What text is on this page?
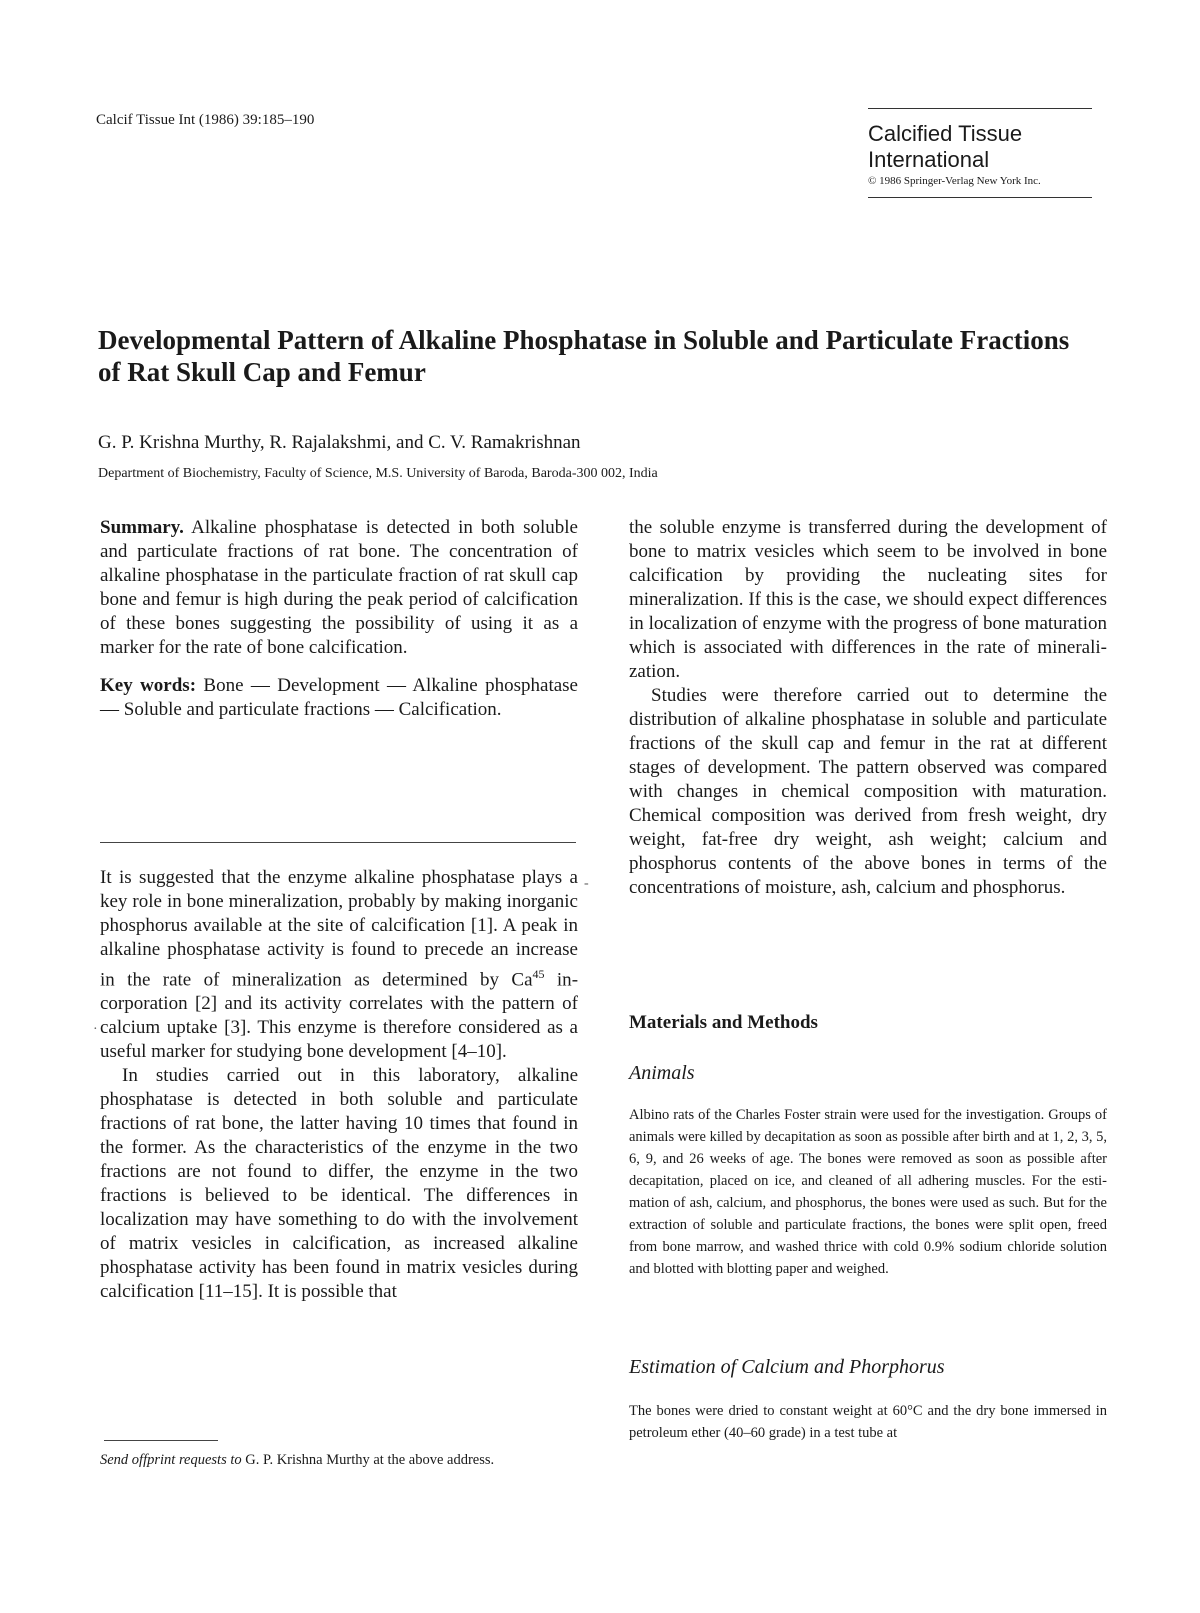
Calcif Tissue Int (1986) 39:185–190
Calcified Tissue
International
© 1986 Springer-Verlag New York Inc.
Developmental Pattern of Alkaline Phosphatase in Soluble and Particulate Fractions of Rat Skull Cap and Femur
G. P. Krishna Murthy, R. Rajalakshmi, and C. V. Ramakrishnan
Department of Biochemistry, Faculty of Science, M.S. University of Baroda, Baroda-300 002, India

Summary. Alkaline phosphatase is detected in both soluble and particulate fractions of rat bone. The concentration of alkaline phosphatase in the particulate fraction of rat skull cap bone and femur is high during the peak period of calcification of these bones suggesting the possibility of using it as a marker for the rate of bone calcification.

Key words: Bone — Development — Alkaline phosphatase — Soluble and particulate fractions — Calcification.

It is suggested that the enzyme alkaline phosphatase plays a key role in bone mineralization, probably by making inorganic phosphorus available at the site of calcification [1]. A peak in alkaline phosphatase activity is found to precede an increase in the rate of mineralization as determined by Ca$^{45}$ incorporation [2] and its activity correlates with the pattern of calcium uptake [3]. This enzyme is therefore considered as a useful marker for studying bone development [4–10].

In studies carried out in this laboratory, alkaline phosphatase is detected in both soluble and particulate fractions of rat bone, the latter having 10 times that found in the former. As the characteristics of the enzyme in the two fractions are not found to differ, the enzyme in the two fractions is believed to be identical. The differences in localization may have something to do with the involvement of matrix vesicles in calcification, as increased alkaline phosphatase activity has been found in matrix vesicles during calcification [11–15]. It is possible that

Send offprint requests to G. P. Krishna Murthy at the above address.

the soluble enzyme is transferred during the development of bone to matrix vesicles which seem to be involved in bone calcification by providing the nucleating sites for mineralization. If this is the case, we should expect differences in localization of enzyme with the progress of bone maturation which is associated with differences in the rate of mineralization.

Studies were therefore carried out to determine the distribution of alkaline phosphatase in soluble and particulate fractions of the skull cap and femur in the rat at different stages of development. The pattern observed was compared with changes in chemical composition with maturation. Chemical composition was derived from fresh weight, dry weight, fat-free dry weight, ash weight; calcium and phosphorus contents of the above bones in terms of the concentrations of moisture, ash, calcium and phosphorus.

Materials and Methods
Animals
Albino rats of the Charles Foster strain were used for the investigation. Groups of animals were killed by decapitation as soon as possible after birth and at 1, 2, 3, 5, 6, 9, and 26 weeks of age. The bones were removed as soon as possible after decapitation, placed on ice, and cleaned of all adhering muscles. For the estimation of ash, calcium, and phosphorus, the bones were used as such. But for the extraction of soluble and particulate fractions, the bones were split open, freed from bone marrow, and washed thrice with cold 0.9% sodium chloride solution and blotted with blotting paper and weighed.
Estimation of Calcium and Phorphorus
The bones were dried to constant weight at 60°C and the dry bone immersed in petroleum ether (40–60 grade) in a test tube at
-
·
